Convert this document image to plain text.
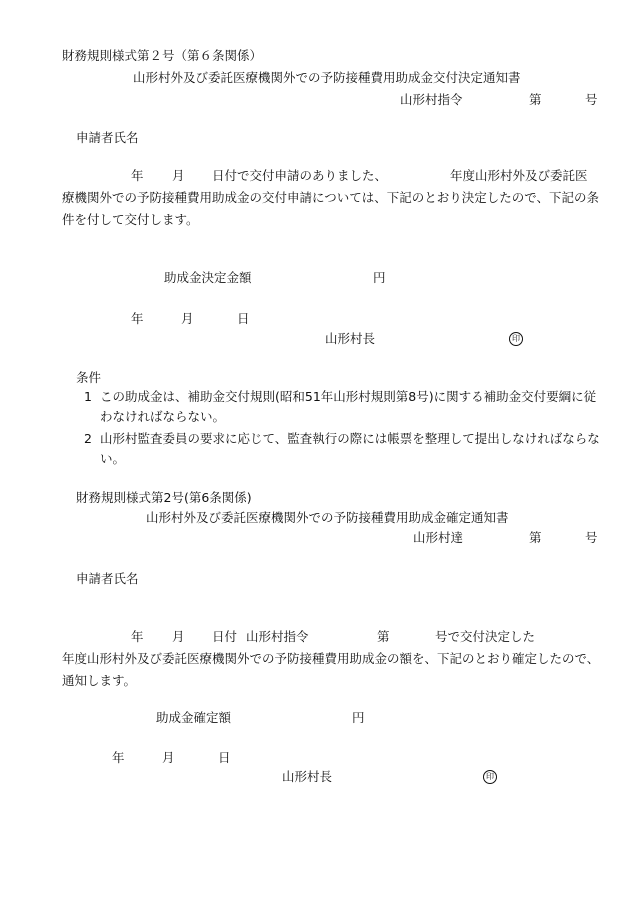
財務規則様式第２号（第６条関係）
山形村外及び委託医療機関外での予防接種費用助成金交付決定通知書
山形村指令	第	号
申請者氏名
年 月 日付で交付申請のありました、	年度山形村外及び委託医
療機関外での予防接種費用助成金の交付申請については、下記のとおり決定したので、下記の条件を付して交付します。
助成金決定金額	円
年	月	日
山形村長	印
条件
1 この助成金は、補助金交付規則(昭和51年山形村規則第8号)に関する補助金交付要綱に従わなければならない。
2 山形村監査委員の要求に応じて、監査執行の際には帳票を整理して提出しなければならない。
財務規則様式第2号(第6条関係)
山形村外及び委託医療機関外での予防接種費用助成金確定通知書
山形村達	第	号
申請者氏名
年 月 日付 山形村指令	第	号で交付決定した
年度山形村外及び委託医療機関外での予防接種費用助成金の額を、下記のとおり確定したので、通知します。
助成金確定額	円
年	月	日
山形村長	印
